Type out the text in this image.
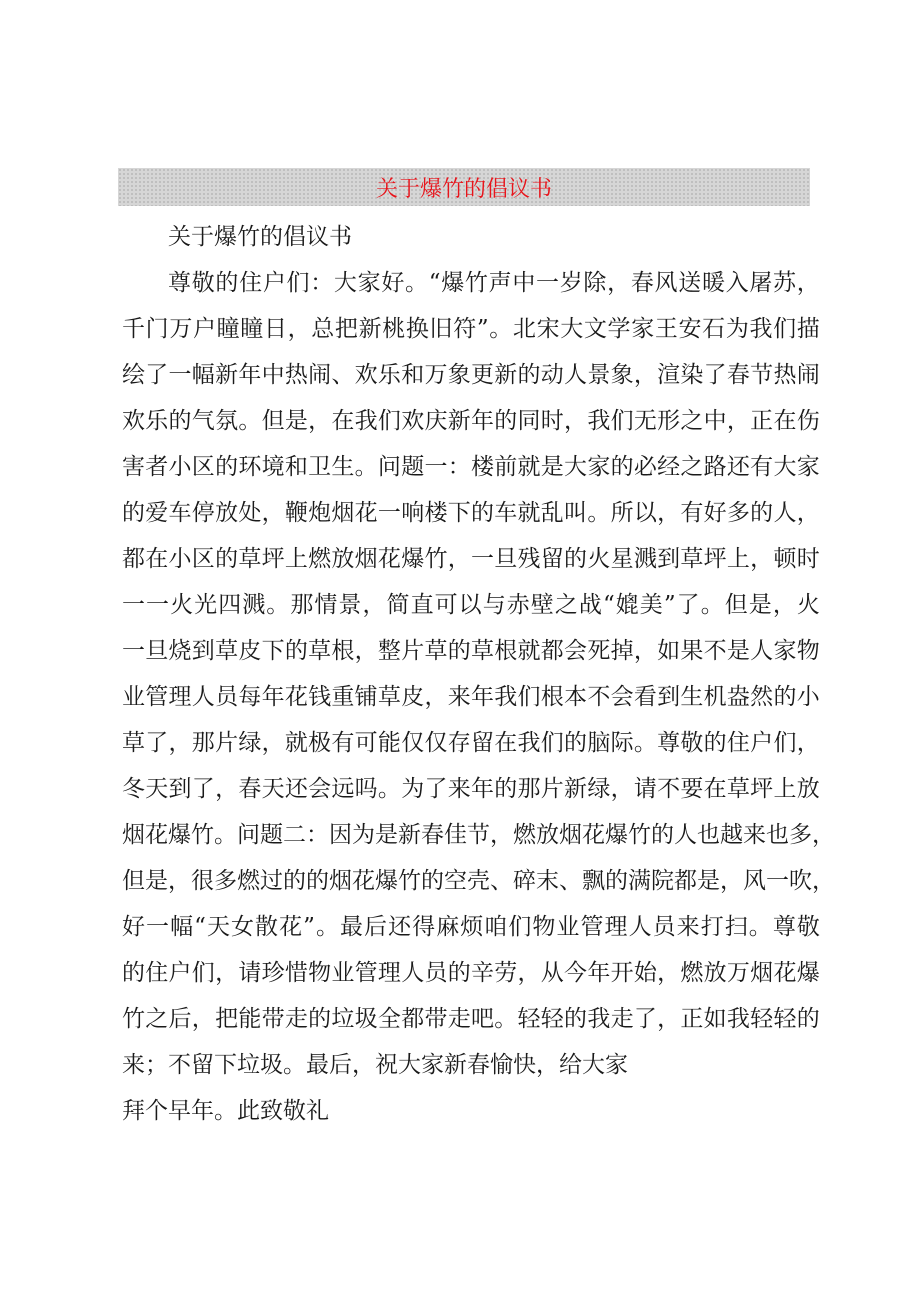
关于爆竹的倡议书
关于爆竹的倡议书
尊 敬 的 住 户 们 ： 大 家 好 。 “ 爆 竹 声 中 一 岁 除 ， 春 风 送 暖 入 屠 苏 ，
千 门 万 户 瞳 瞳 日 ， 总 把 新 桃 换 旧 符 ” 。 北 宋 大 文 学 家 王 安 石 为 我 们 描
绘 了 一 幅 新 年 中 热 闹 、 欢 乐 和 万 象 更 新 的 动 人 景 象 ， 渲 染 了 春 节 热 闹
欢 乐 的 气 氛 。 但 是 ， 在 我 们 欢 庆 新 年 的 同 时 ， 我 们 无 形 之 中 ， 正 在 伤
害 者 小 区 的 环 境 和 卫 生 。 问 题 一 ： 楼 前 就 是 大 家 的 必 经 之 路 还 有 大 家
的 爱 车 停 放 处 ， 鞭 炮 烟 花 一 响 楼 下 的 车 就 乱 叫 。 所 以 ， 有 好 多 的 人 ，
都 在 小 区 的 草 坪 上 燃 放 烟 花 爆 竹 ， 一 旦 残 留 的 火 星 溅 到 草 坪 上 ， 顿 时
一 一 火 光 四 溅 。 那 情 景 ， 简 直 可 以 与 赤 壁 之 战 “ 媲 美 ” 了 。 但 是 ， 火
一 旦 烧 到 草 皮 下 的 草 根 ， 整 片 草 的 草 根 就 都 会 死 掉 ， 如 果 不 是 人 家 物
业 管 理 人 员 每 年 花 钱 重 铺 草 皮 ， 来 年 我 们 根 本 不 会 看 到 生 机 盎 然 的 小
草 了 ， 那 片 绿 ， 就 极 有 可 能 仅 仅 存 留 在 我 们 的 脑 际 。 尊 敬 的 住 户 们 ，
冬 天 到 了 ， 春 天 还 会 远 吗 。 为 了 来 年 的 那 片 新 绿 ， 请 不 要 在 草 坪 上 放
烟 花 爆 竹 。 问 题 二 ： 因 为 是 新 春 佳 节 ， 燃 放 烟 花 爆 竹 的 人 也 越 来 也 多 ，
但 是 ， 很 多 燃 过 的 的 烟 花 爆 竹 的 空 壳 、 碎 末 、 飘 的 满 院 都 是 ， 风 一 吹 ，
好 一 幅 “ 天 女 散 花 ” 。 最 后 还 得 麻 烦 咱 们 物 业 管 理 人 员 来 打 扫 。 尊 敬
的 住 户 们 ， 请 珍 惜 物 业 管 理 人 员 的 辛 劳 ， 从 今 年 开 始 ， 燃 放 万 烟 花 爆
竹 之 后 ， 把 能 带 走 的 垃 圾 全 都 带 走 吧 。 轻 轻 的 我 走 了 ， 正 如 我 轻 轻 的
来；不留下垃圾。最后，祝大家新春愉快，给大家
拜个早年。此致敬礼
